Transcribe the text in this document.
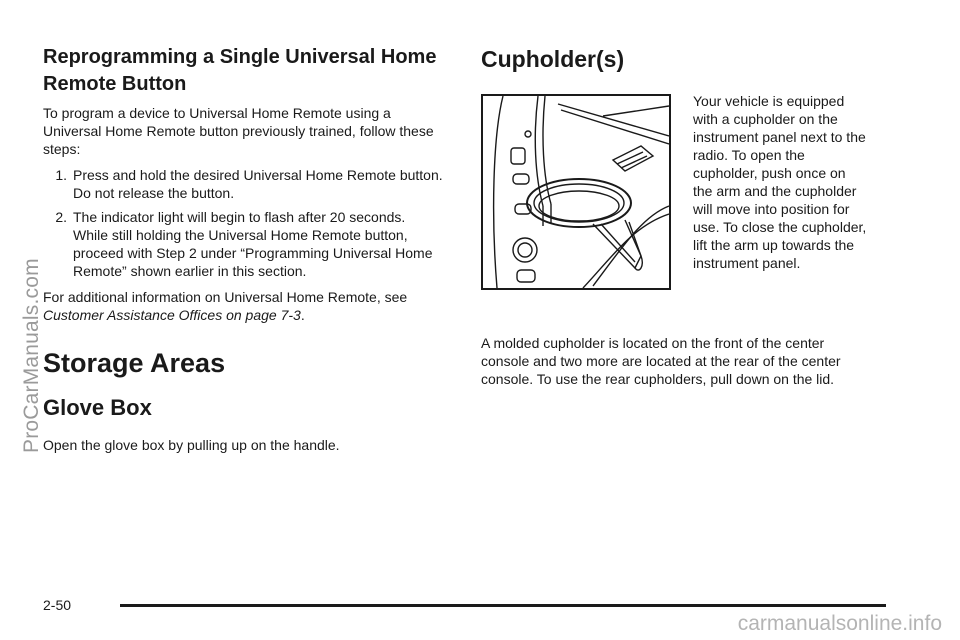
Reprogramming a Single Universal Home Remote Button

To program a device to Universal Home Remote using a Universal Home Remote button previously trained, follow these steps:

1. Press and hold the desired Universal Home Remote button. Do not release the button.
2. The indicator light will begin to flash after 20 seconds. While still holding the Universal Home Remote button, proceed with Step 2 under “Programming Universal Home Remote” shown earlier in this section.

For additional information on Universal Home Remote, see Customer Assistance Offices on page 7-3.

Storage Areas
Glove Box

Open the glove box by pulling up on the handle.

Cupholder(s)
Your vehicle is equipped with a cupholder on the instrument panel next to the radio. To open the cupholder, push once on the arm and the cupholder will move into position for use. To close the cupholder, lift the arm up towards the instrument panel.

A molded cupholder is located on the front of the center console and two more are located at the rear of the center console. To use the rear cupholders, pull down on the lid.

2-50
ProCarManuals.com
carmanualsonline.info
